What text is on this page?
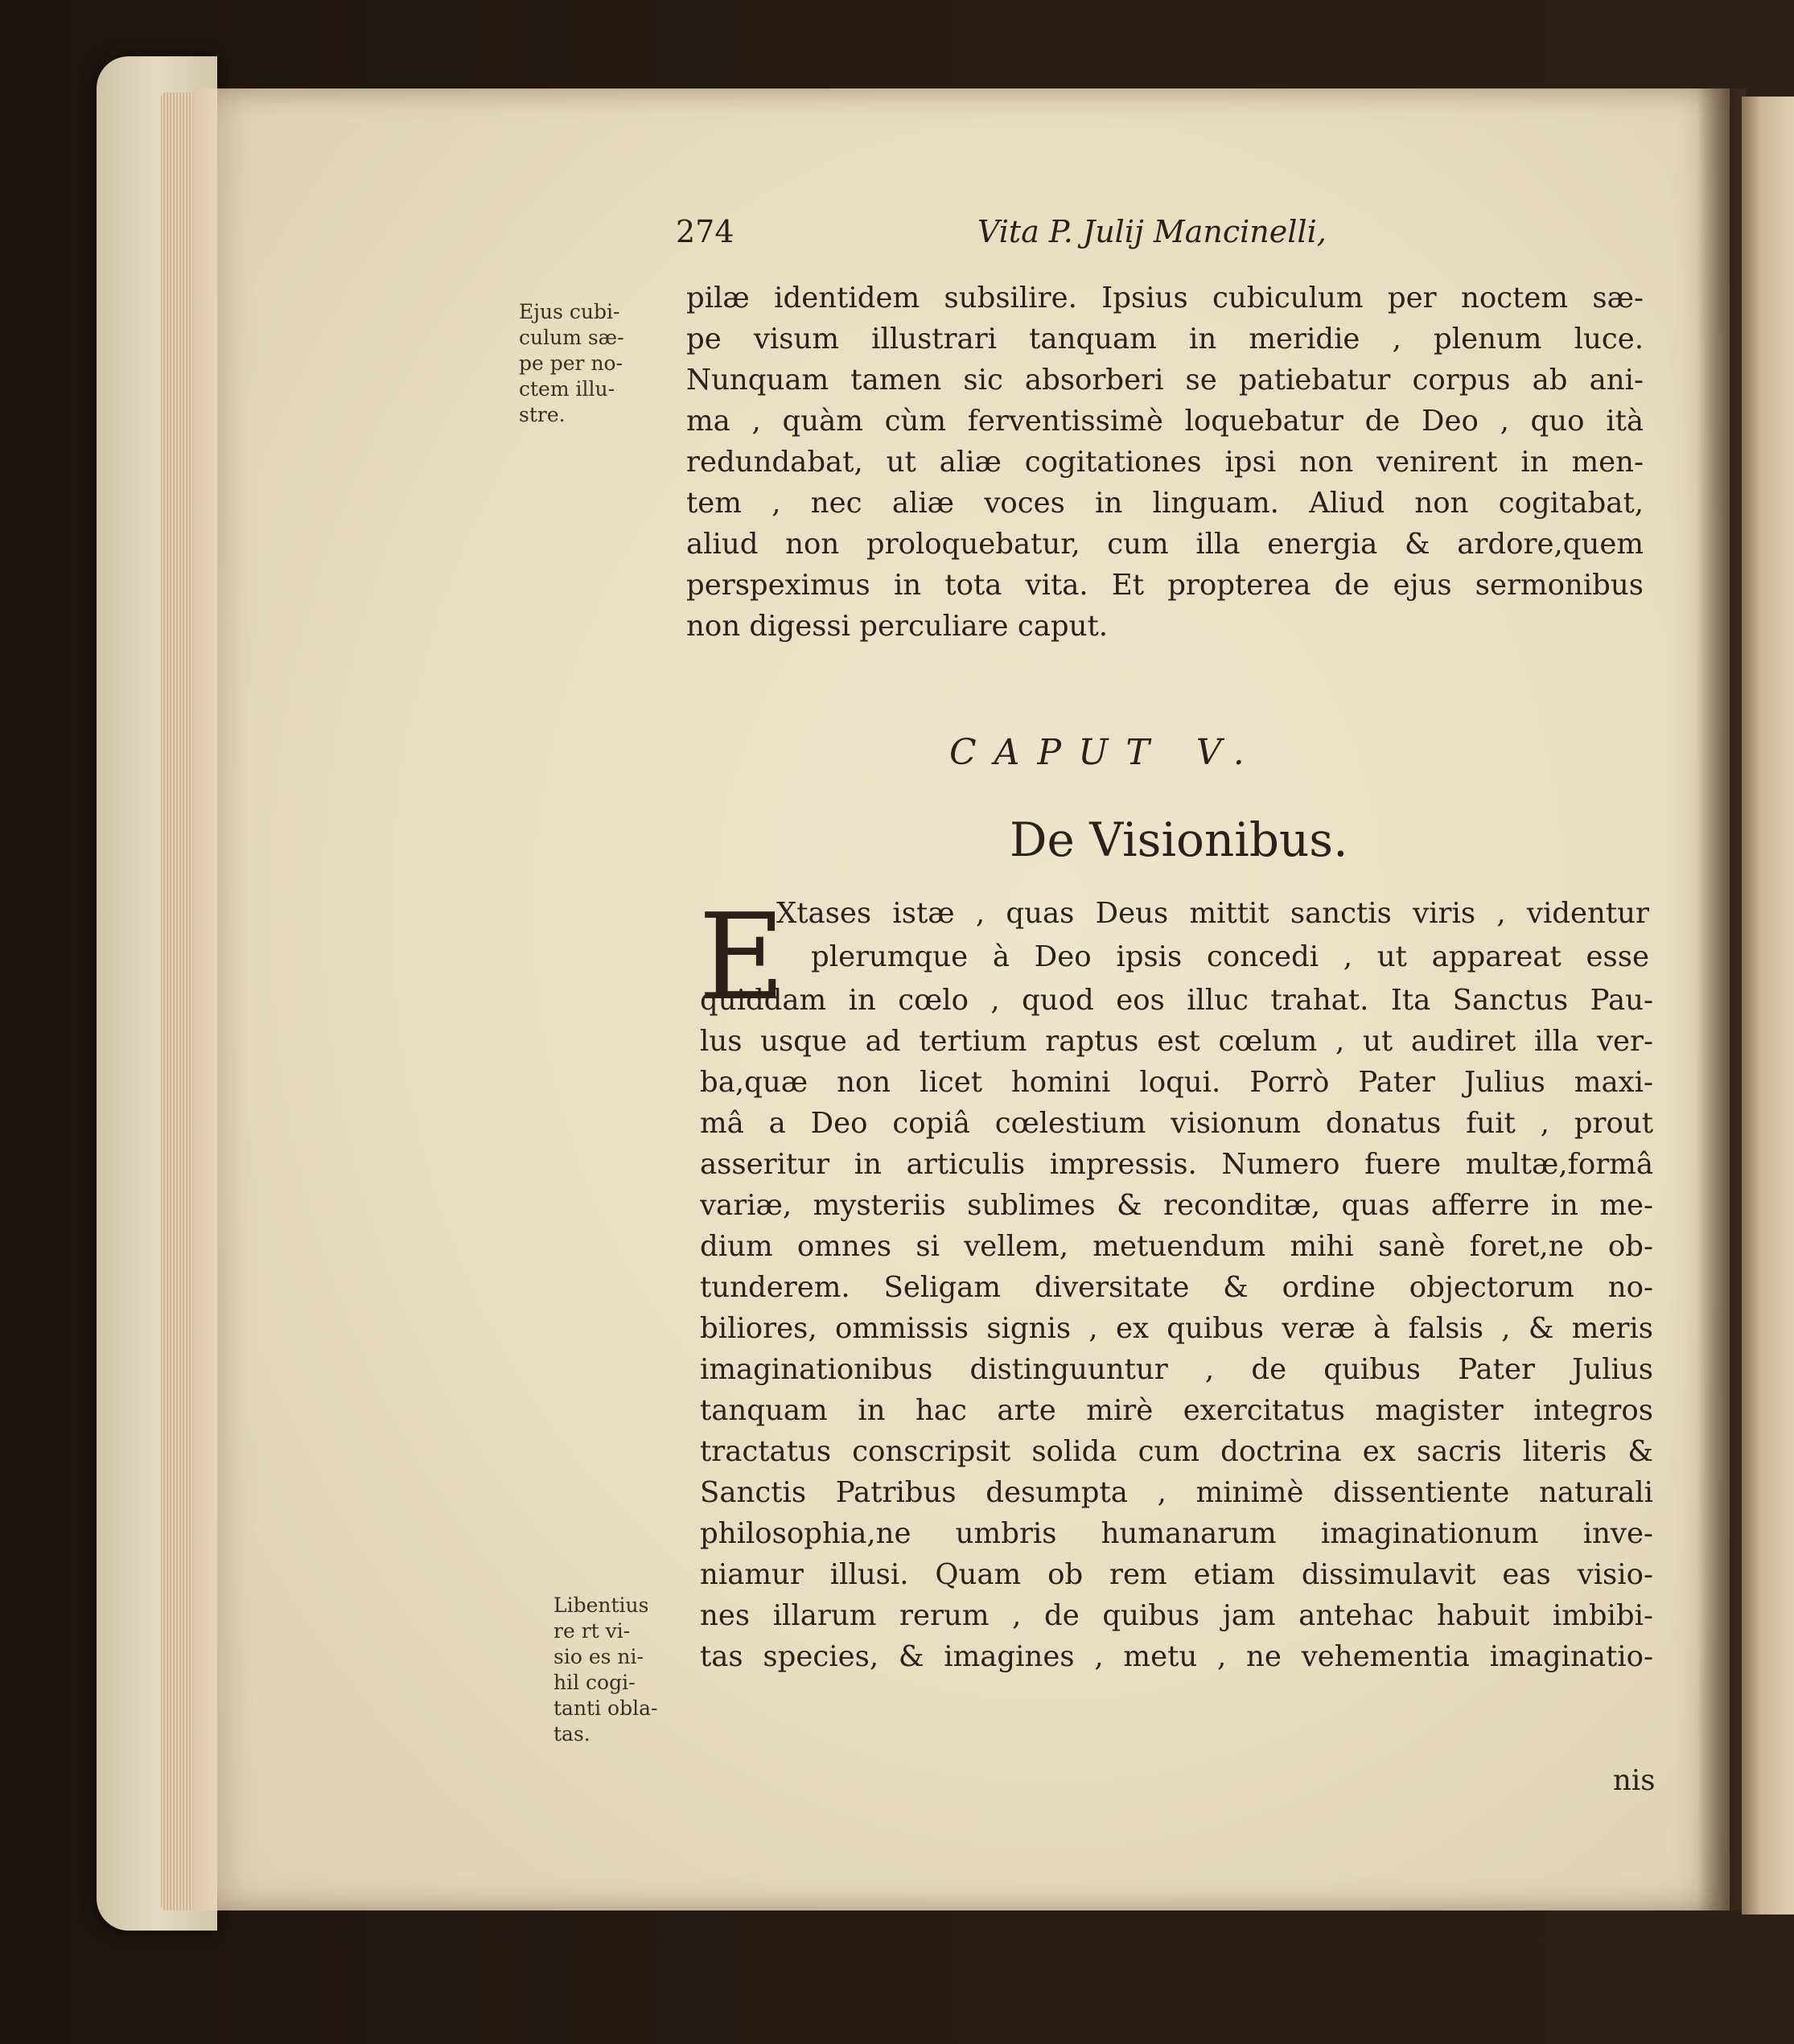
274	Vita P. Julij Mancinelli,
Ejus cubi-
culum sæ-
pe per no-
ctem illu-
stre.
pilæ identidem subsilire. Ipsius cubiculum per noctem sæ-
pe visum illustrari tanquam in meridie , plenum luce.
Nunquam tamen sic absorberi se patiebatur corpus ab ani-
ma , quàm cùm ferventissimè loquebatur de Deo , quo ità
redundabat, ut aliæ cogitationes ipsi non venirent in men-
tem , nec aliæ voces in linguam. Aliud non cogitabat,
aliud non proloquebatur, cum illa energia & ardore,quem
perspeximus in tota vita. Et propterea de ejus sermonibus
non digessi perculiare caput.
CAPUT V.
De Visionibus.
E
Xtases istæ , quas Deus mittit sanctis viris , videntur
plerumque à Deo ipsis concedi , ut appareat esse
quiddam in cœlo , quod eos illuc trahat. Ita Sanctus Pau-
lus usque ad tertium raptus est cœlum , ut audiret illa ver-
ba,quæ non licet homini loqui. Porrò Pater Julius maxi-
mâ a Deo copiâ cœlestium visionum donatus fuit , prout
asseritur in articulis impressis. Numero fuere multæ,formâ
variæ, mysteriis sublimes & reconditæ, quas afferre in me-
dium omnes si vellem, metuendum mihi sanè foret,ne ob-
tunderem. Seligam diversitate & ordine objectorum no-
biliores, ommissis signis , ex quibus veræ à falsis , & meris
imaginationibus distinguuntur , de quibus Pater Julius
tanquam in hac arte mirè exercitatus magister integros
tractatus conscripsit solida cum doctrina ex sacris literis &
Sanctis Patribus desumpta , minimè dissentiente naturali
philosophia,ne umbris humanarum imaginationum inve-
niamur illusi. Quam ob rem etiam dissimulavit eas visio-
nes illarum rerum , de quibus jam antehac habuit imbibi-
tas species, & imagines , metu , ne vehementia imaginatio-
nis
Libentius
re rt vi-
sio es ni-
hil cogi-
tanti obla-
tas.
